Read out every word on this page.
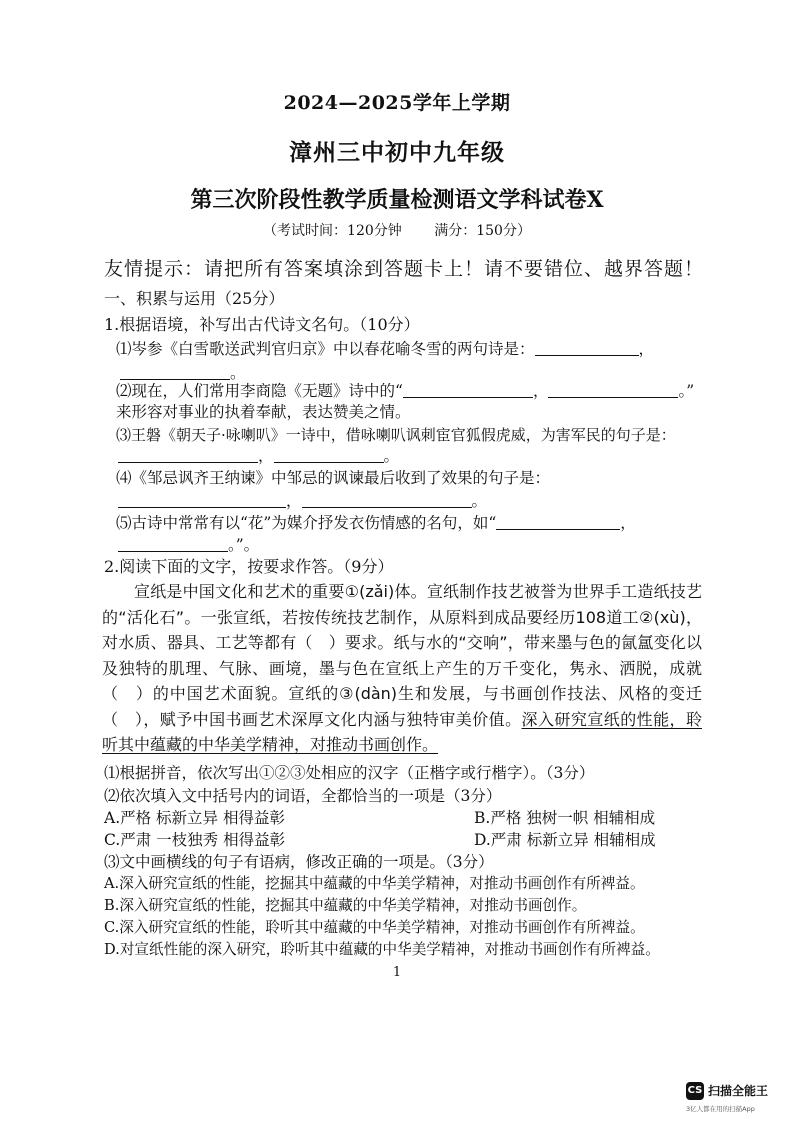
2024—2025学年上学期
漳州三中初中九年级
第三次阶段性教学质量检测语文学科试卷X
（考试时间：120分钟 满分：150分）
友情提示：请把所有答案填涂到答题卡上！请不要错位、越界答题！
一、积累与运用（25分）
1.根据语境，补写出古代诗文名句。（10分）
⑴岑参《白雪歌送武判官归京》中以春花喻冬雪的两句诗是：	，
。
⑵现在，人们常用李商隐《无题》诗中的“	，	。”
来形容对事业的执着奉献，表达赞美之情。
⑶王磐《朝天子·咏喇叭》一诗中，借咏喇叭讽刺宦官狐假虎威，为害军民的句子是：
，	。
⑷《邹忌讽齐王纳谏》中邹忌的讽谏最后收到了效果的句子是：
，	。
⑸古诗中常常有以“花”为媒介抒发衣伤情感的名句，如“	，
。”。
2.阅读下面的文字，按要求作答。（9分）
宣纸是中国文化和艺术的重要①(zǎi)体。宣纸制作技艺被誉为世界手工造纸技艺的“活化石”。一张宣纸，若按传统技艺制作，从原料到成品要经历108道工②(xù)，对水质、器具、工艺等都有（　）要求。纸与水的“交响”，带来墨与色的氤氲变化以及独特的肌理、气脉、画境，墨与色在宣纸上产生的万千变化，隽永、洒脱，成就（　）的中国艺术面貌。宣纸的③(dàn)生和发展，与书画创作技法、风格的变迁（　），赋予中国书画艺术深厚文化内涵与独特审美价值。深入研究宣纸的性能，聆听其中蕴藏的中华美学精神，对推动书画创作。
⑴根据拼音，依次写出①②③处相应的汉字（正楷字或行楷字）。（3分）
⑵依次填入文中括号内的词语，全都恰当的一项是（3分）
A.严格 标新立异 相得益彰	B.严格 独树一帜 相辅相成
C.严肃 一枝独秀 相得益彰	D.严肃 标新立异 相辅相成
⑶文中画横线的句子有语病，修改正确的一项是。（3分）
A.深入研究宣纸的性能，挖掘其中蕴藏的中华美学精神，对推动书画创作有所裨益。
B.深入研究宣纸的性能，挖掘其中蕴藏的中华美学精神，对推动书画创作。
C.深入研究宣纸的性能，聆听其中蕴藏的中华美学精神，对推动书画创作有所裨益。
D.对宣纸性能的深入研究，聆听其中蕴藏的中华美学精神，对推动书画创作有所裨益。
1
CS 扫描全能王
3亿人都在用的扫描App
